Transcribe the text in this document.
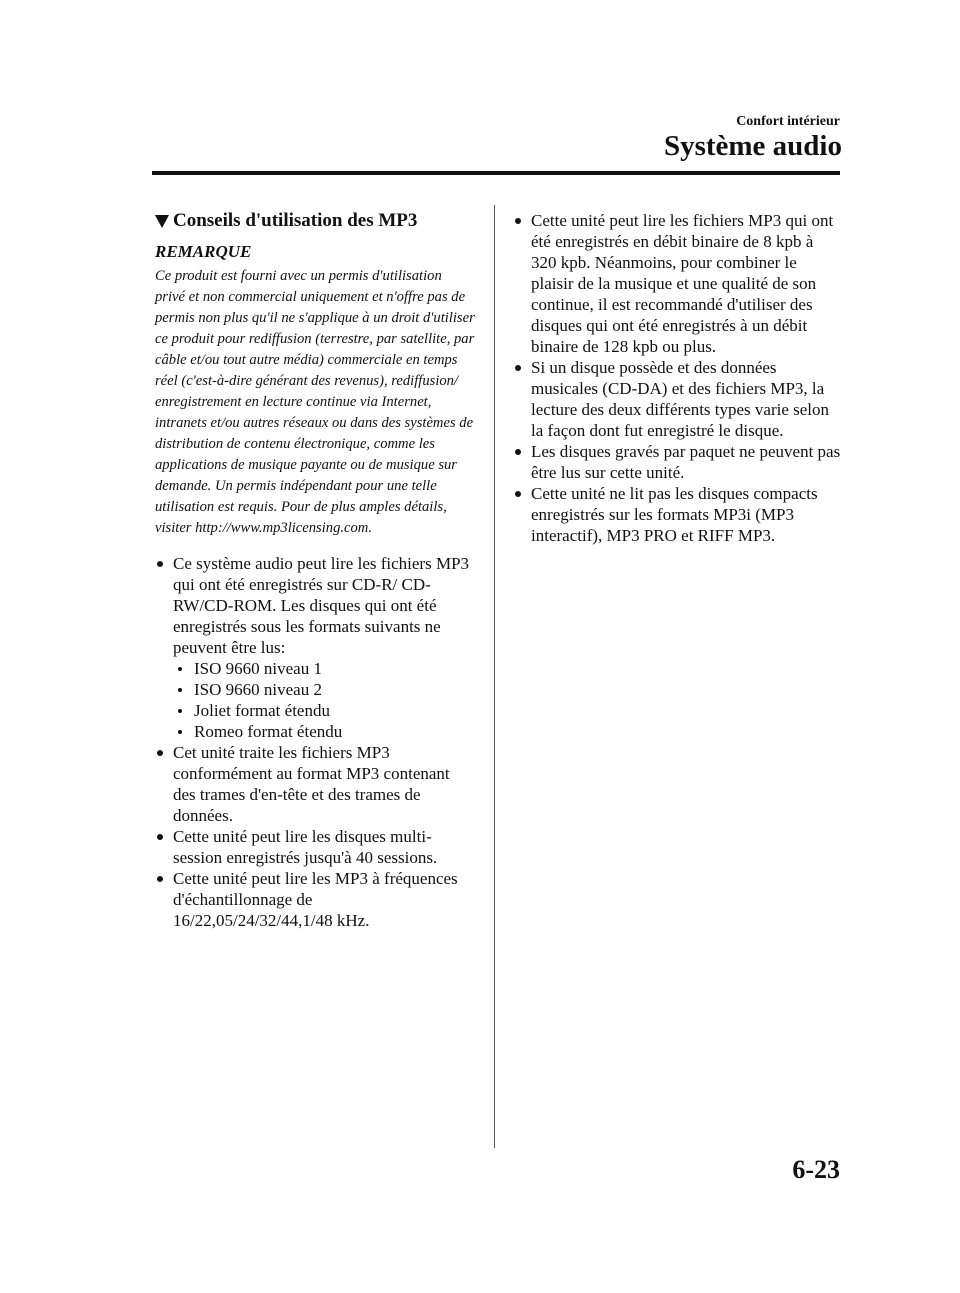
Confort intérieur
Système audio
Conseils d'utilisation des MP3
REMARQUE
Ce produit est fourni avec un permis d'utilisation privé et non commercial uniquement et n'offre pas de permis non plus qu'il ne s'applique à un droit d'utiliser ce produit pour rediffusion (terrestre, par satellite, par câble et/ou tout autre média) commerciale en temps réel (c'est-à-dire générant des revenus), rediffusion/ enregistrement en lecture continue via Internet, intranets et/ou autres réseaux ou dans des systèmes de distribution de contenu électronique, comme les applications de musique payante ou de musique sur demande. Un permis indépendant pour une telle utilisation est requis. Pour de plus amples détails, visiter http://www.mp3licensing.com.
Ce système audio peut lire les fichiers MP3 qui ont été enregistrés sur CD-R/ CD-RW/CD-ROM. Les disques qui ont été enregistrés sous les formats suivants ne peuvent être lus:
ISO 9660 niveau 1
ISO 9660 niveau 2
Joliet format étendu
Romeo format étendu
Cet unité traite les fichiers MP3 conformément au format MP3 contenant des trames d'en-tête et des trames de données.
Cette unité peut lire les disques multi-session enregistrés jusqu'à 40 sessions.
Cette unité peut lire les MP3 à fréquences d'échantillonnage de 16/22,05/24/32/44,1/48 kHz.
Cette unité peut lire les fichiers MP3 qui ont été enregistrés en débit binaire de 8 kpb à 320 kpb. Néanmoins, pour combiner le plaisir de la musique et une qualité de son continue, il est recommandé d'utiliser des disques qui ont été enregistrés à un débit binaire de 128 kpb ou plus.
Si un disque possède et des données musicales (CD-DA) et des fichiers MP3, la lecture des deux différents types varie selon la façon dont fut enregistré le disque.
Les disques gravés par paquet ne peuvent pas être lus sur cette unité.
Cette unité ne lit pas les disques compacts enregistrés sur les formats MP3i (MP3 interactif), MP3 PRO et RIFF MP3.
6-23
